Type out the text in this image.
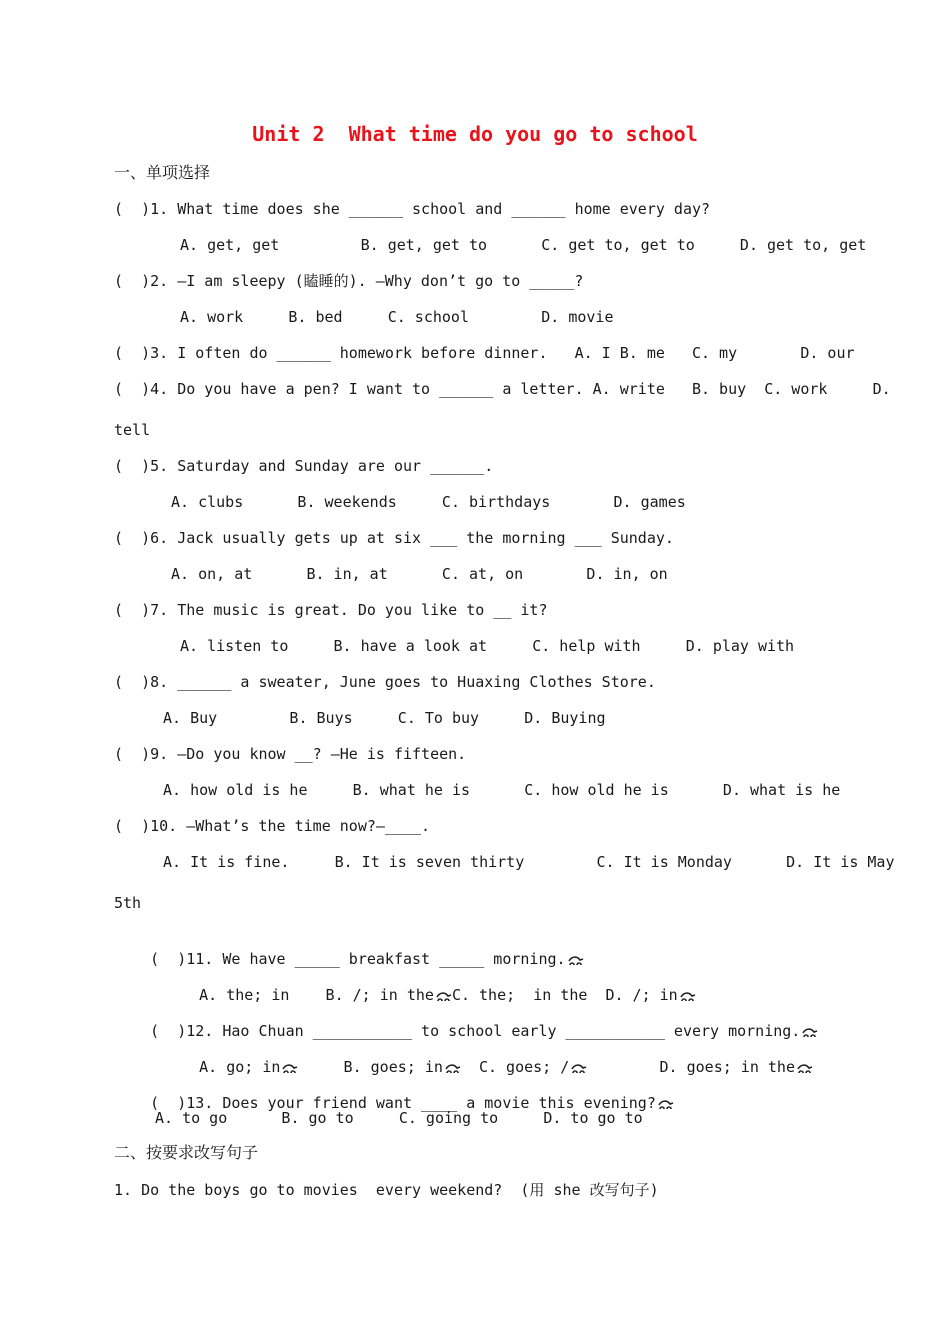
Unit 2  What time do you go to school
一、单项选择
(  )1. What time does she ______ school and ______ home every day?
A. get, get         B. get, get to      C. get to, get to     D. get to, get
(  )2. —I am sleepy (瞌睡的). —Why don’t go to _____?
A. work     B. bed     C. school        D. movie
(  )3. I often do ______ homework before dinner.   A. I B. me   C. my       D. our
(  )4. Do you have a pen? I want to ______ a letter. A. write   B. buy  C. work     D.
tell
(  )5. Saturday and Sunday are our ______.
A. clubs      B. weekends     C. birthdays       D. games
(  )6. Jack usually gets up at six ___ the morning ___ Sunday.
A. on, at      B. in, at      C. at, on       D. in, on
(  )7. The music is great. Do you like to __ it?
A. listen to     B. have a look at     C. help with     D. play with
(  )8. ______ a sweater, June goes to Huaxing Clothes Store.
A. Buy        B. Buys     C. To buy     D. Buying
(  )9. —Do you know __? —He is fifteen.
A. how old is he     B. what he is      C. how old he is      D. what is he
(  )10. —What’s the time now?—____.
A. It is fine.     B. It is seven thirty        C. It is Monday      D. It is May
5th

(  )11. We have _____ breakfast _____ morning.

A. the; in    B. /; in the C. the;  in the  D. /; in

(  )12. Hao Chuan ___________ to school early ___________ every morning.

A. go; in     B. goes; in  C. goes; /        D. goes; in the

(  )13. Does your friend want ____ a movie this evening?

A. to go      B. go to     C. going to     D. to go to
二、按要求改写句子
1. Do the boys go to movies  every weekend?  (用 she 改写句子)
